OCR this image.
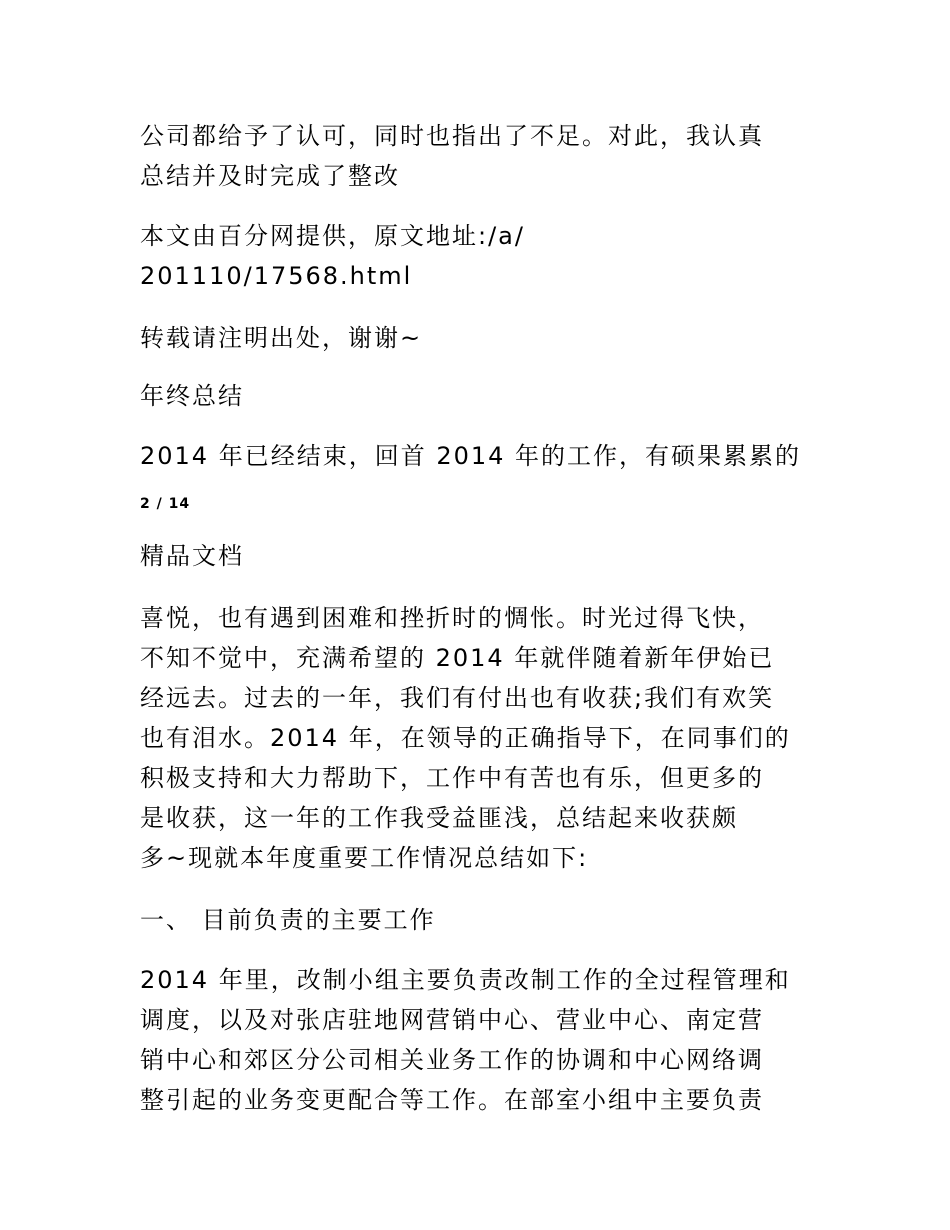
公司都给予了认可，同时也指出了不足。对此，我认真
总结并及时完成了整改
本文由百分网提供，原文地址:/a/
201110/17568.html
转载请注明出处，谢谢~
年终总结
2014 年已经结束，回首 2014 年的工作，有硕果累累的
2 / 14
精品文档
喜悦，也有遇到困难和挫折时的惆怅。时光过得飞快，
不知不觉中，充满希望的 2014 年就伴随着新年伊始已
经远去。过去的一年，我们有付出也有收获;我们有欢笑
也有泪水。2014 年，在领导的正确指导下，在同事们的
积极支持和大力帮助下，工作中有苦也有乐，但更多的
是收获，这一年的工作我受益匪浅，总结起来收获颇
多~现就本年度重要工作情况总结如下:
一、 目前负责的主要工作
2014 年里，改制小组主要负责改制工作的全过程管理和
调度，以及对张店驻地网营销中心、营业中心、南定营
销中心和郊区分公司相关业务工作的协调和中心网络调
整引起的业务变更配合等工作。在部室小组中主要负责
